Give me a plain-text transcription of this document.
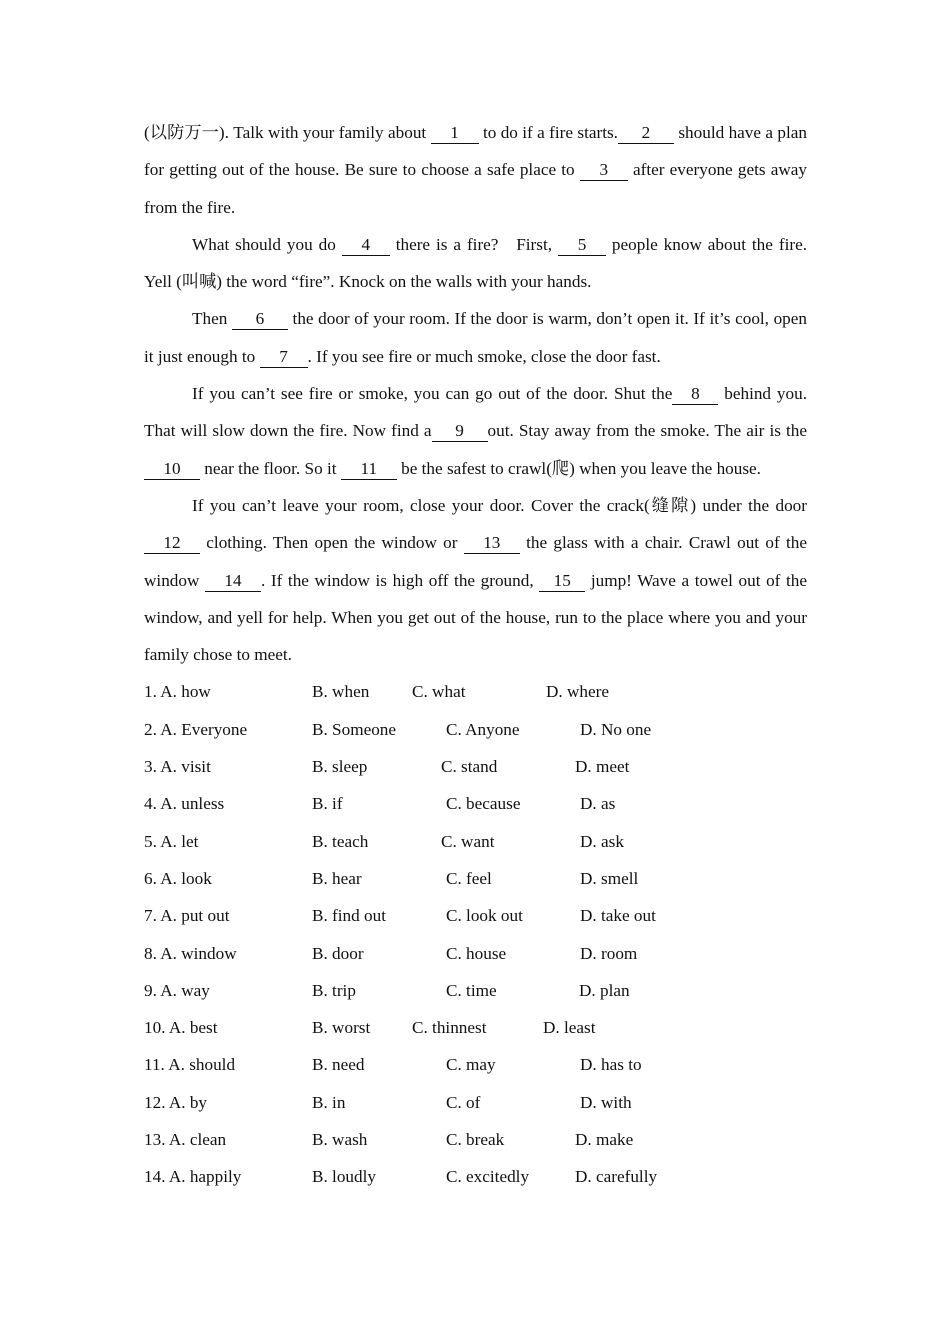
(以防万一). Talk with your family about 1 to do if a fire starts. 2 should have a plan for getting out of the house. Be sure to choose a safe place to 3 after everyone gets away from the fire.

What should you do 4 there is a fire?   First, 5 people know about the fire. Yell (叫喊) the word “fire”. Knock on the walls with your hands.

Then 6 the door of your room. If the door is warm, don’t open it. If it’s cool, open it just enough to 7 . If you see fire or much smoke, close the door fast.

If you can’t see fire or smoke, you can go out of the door. Shut the 8 behind you. That will slow down the fire. Now find a 9 out. Stay away from the smoke. The air is the 10 near the floor. So it 11 be the safest to crawl(爬) when you leave the house.

If you can’t leave your room, close your door. Cover the crack(缝隙) under the door 12 clothing. Then open the window or 13 the glass with a chair. Crawl out of the window 14 . If the window is high off the ground, 15 jump! Wave a towel out of the window, and yell for help. When you get out of the house, run to the place where you and your family chose to meet.

1. A. how	B. when C. what	D. where
2. A. Everyone	B. Someone	C. Anyone	D. No one
3. A. visit	B. sleep	C. stand	D. meet
4. A. unless	B. if	C. because	D. as
5. A. let	B. teach	C. want	D. ask
6. A. look	B. hear	C. feel	D. smell
7. A. put out	B. find out	C. look out	D. take out
8. A. window	B. door	C. house	D. room
9. A. way	B. trip	C. time	D. plan
10. A. best	B. worst C. thinnest	D. least
11. A. should	B. need	C. may	D. has to
12. A. by	B. in	C. of	D. with
13. A. clean	B. wash	C. break	D. make
14. A. happily	B. loudly	C. excitedly	D. carefully
